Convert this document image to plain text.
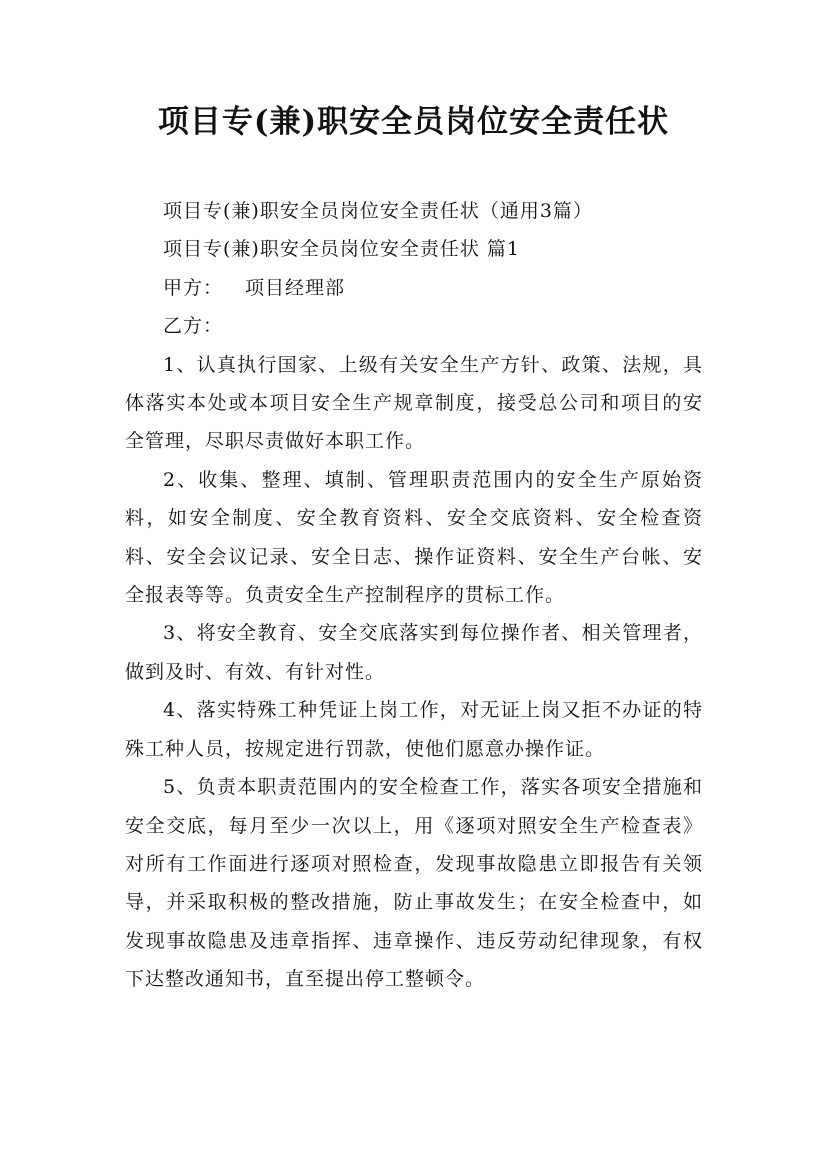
项目专(兼)职安全员岗位安全责任状

项目专(兼)职安全员岗位安全责任状（通用3篇）

项目专(兼)职安全员岗位安全责任状 篇1

甲方： 项目经理部

乙方：

1、认真执行国家、上级有关安全生产方针、政策、法规，具体落实本处或本项目安全生产规章制度，接受总公司和项目的安全管理，尽职尽责做好本职工作。

2、收集、整理、填制、管理职责范围内的安全生产原始资料，如安全制度、安全教育资料、安全交底资料、安全检查资料、安全会议记录、安全日志、操作证资料、安全生产台帐、安全报表等等。负责安全生产控制程序的贯标工作。

3、将安全教育、安全交底落实到每位操作者、相关管理者，做到及时、有效、有针对性。

4、落实特殊工种凭证上岗工作，对无证上岗又拒不办证的特殊工种人员，按规定进行罚款，使他们愿意办操作证。

5、负责本职责范围内的安全检查工作，落实各项安全措施和安全交底，每月至少一次以上，用《逐项对照安全生产检查表》对所有工作面进行逐项对照检查，发现事故隐患立即报告有关领导，并采取积极的整改措施，防止事故发生；在安全检查中，如发现事故隐患及违章指挥、违章操作、违反劳动纪律现象，有权下达整改通知书，直至提出停工整顿令。
